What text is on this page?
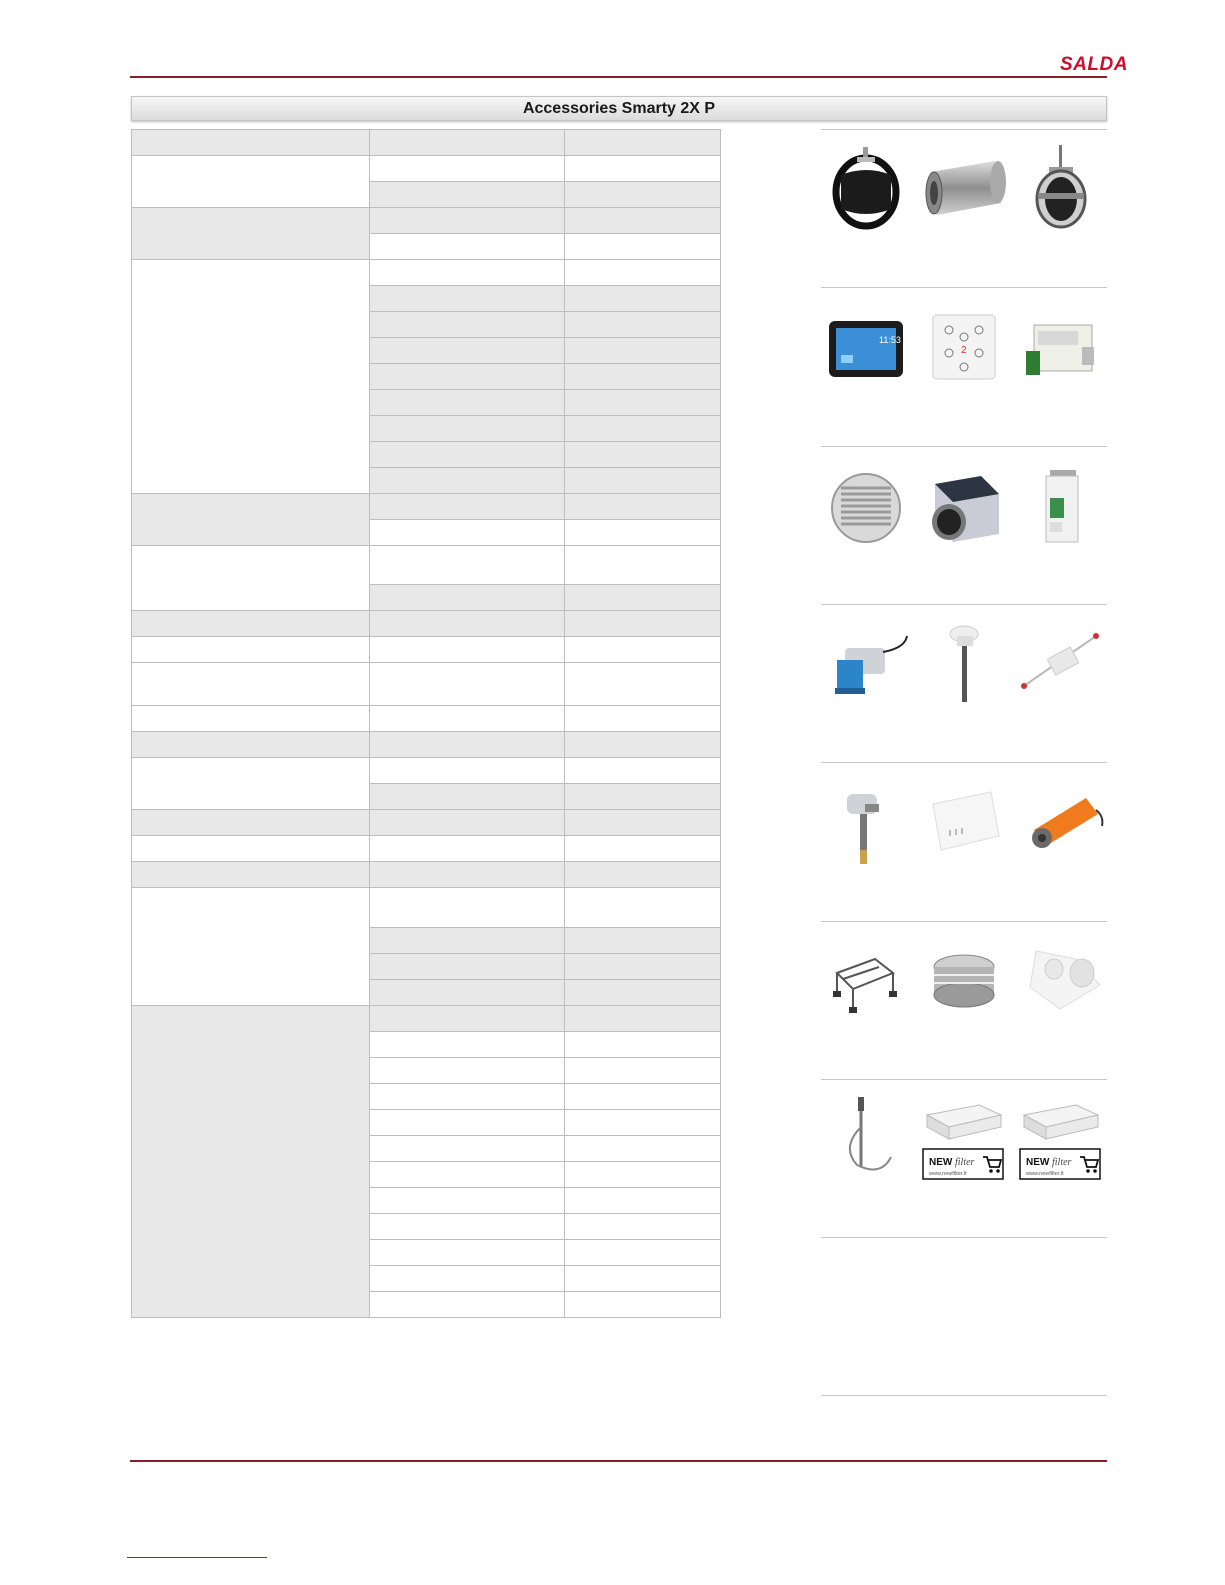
SALDA
Accessories Smarty 2X P

11:53
2
NEW filter
www.newfilter.lt
NEW filter
www.newfilter.lt
